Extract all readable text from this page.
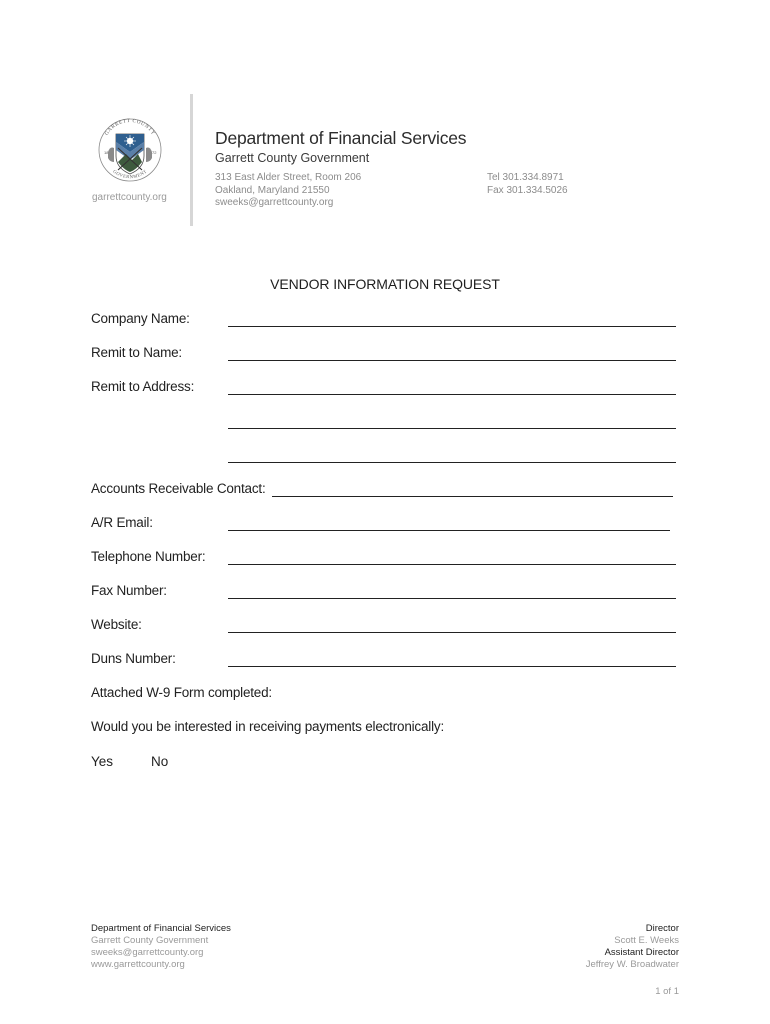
GARRETT COUNTY
GOVERNMENT
18	72
garrettcounty.org
Department of Financial Services
Garrett County Government
313 East Alder Street, Room 206
Oakland, Maryland 21550
sweeks@garrettcounty.org
Tel 301.334.8971
Fax 301.334.5026
VENDOR INFORMATION REQUEST
Company Name:
Remit to Name:
Remit to Address:
Accounts Receivable Contact:
A/R Email:
Telephone Number:
Fax Number:
Website:
Duns Number:
Attached W-9 Form completed:
Would you be interested in receiving payments electronically:
Yes	No
Department of Financial Services
Garrett County Government
sweeks@garrettcounty.org
www.garrettcounty.org
Director
Scott E. Weeks
Assistant Director
Jeffrey W. Broadwater
1 of 1
